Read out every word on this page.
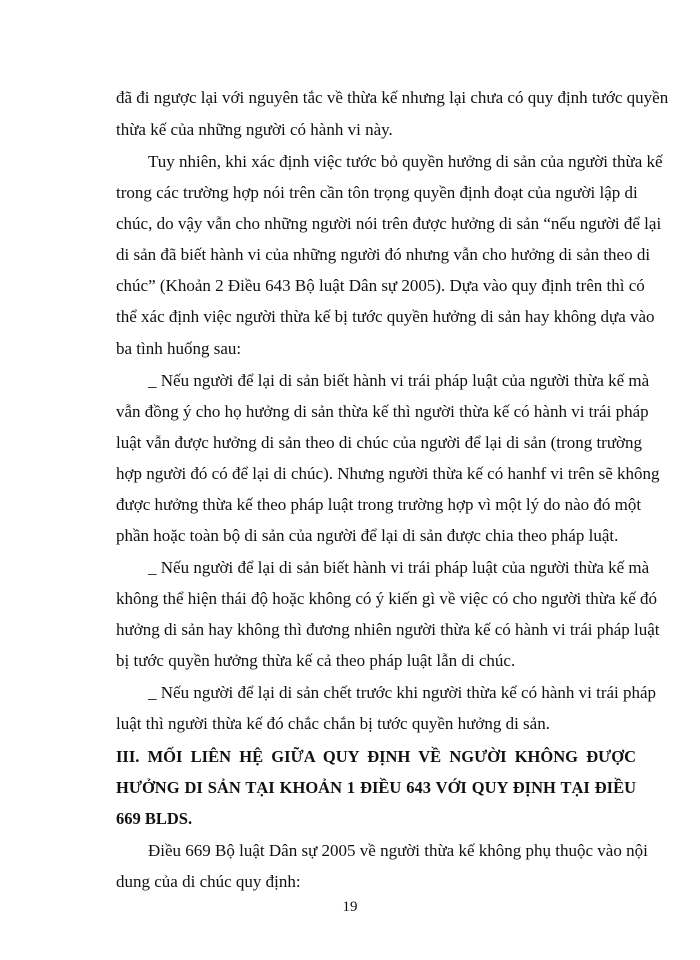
đã đi ngược lại với nguyên tắc về thừa kế nhưng lại chưa có quy định tước quyền
thừa kế của những người có hành vi này.
Tuy nhiên, khi xác định việc tước bỏ quyền hưởng di sản của người thừa kế
trong các trường hợp nói trên cần tôn trọng quyền định đoạt của người lập di
chúc, do vậy vẫn cho những người nói trên được hưởng di sản “nếu người để lại
di sản đã biết hành vi của những người đó nhưng vẫn cho hưởng di sản theo di
chúc” (Khoản 2 Điều 643 Bộ luật Dân sự 2005). Dựa vào quy định trên thì có
thể xác định việc người thừa kế bị tước quyền hưởng di sản hay không dựa vào
ba tình huống sau:
_ Nếu người để lại di sản biết hành vi trái pháp luật của người thừa kế mà
vẫn đồng ý cho họ hưởng di sản thừa kế thì người thừa kế có hành vi trái pháp
luật vẫn được hưởng di sản theo di chúc của người để lại di sản (trong trường
hợp người đó có để lại di chúc). Nhưng người thừa kế có hanhf vi trên sẽ không
được hưởng thừa kế theo pháp luật trong trường hợp vì một lý do nào đó một
phần hoặc toàn bộ di sản của người để lại di sản được chia theo pháp luật.
_ Nếu người để lại di sản biết hành vi trái pháp luật của người thừa kế mà
không thể hiện thái độ hoặc không có ý kiến gì về việc có cho người thừa kế đó
hưởng di sản hay không thì đương nhiên người thừa kế có hành vi trái pháp luật
bị tước quyền hưởng thừa kế cả theo pháp luật lẫn di chúc.
_ Nếu người để lại di sản chết trước khi người thừa kế có hành vi trái pháp
luật thì người thừa kế đó chắc chắn bị tước quyền hưởng di sản.
III. MỐI LIÊN HỆ GIỮA QUY ĐỊNH VỀ NGƯỜI KHÔNG ĐƯỢC
HƯỞNG DI SẢN TẠI KHOẢN 1 ĐIỀU 643 VỚI QUY ĐỊNH TẠI ĐIỀU
669 BLDS.
Điều 669 Bộ luật Dân sự 2005 về người thừa kế không phụ thuộc vào nội
dung của di chúc quy định:
19
